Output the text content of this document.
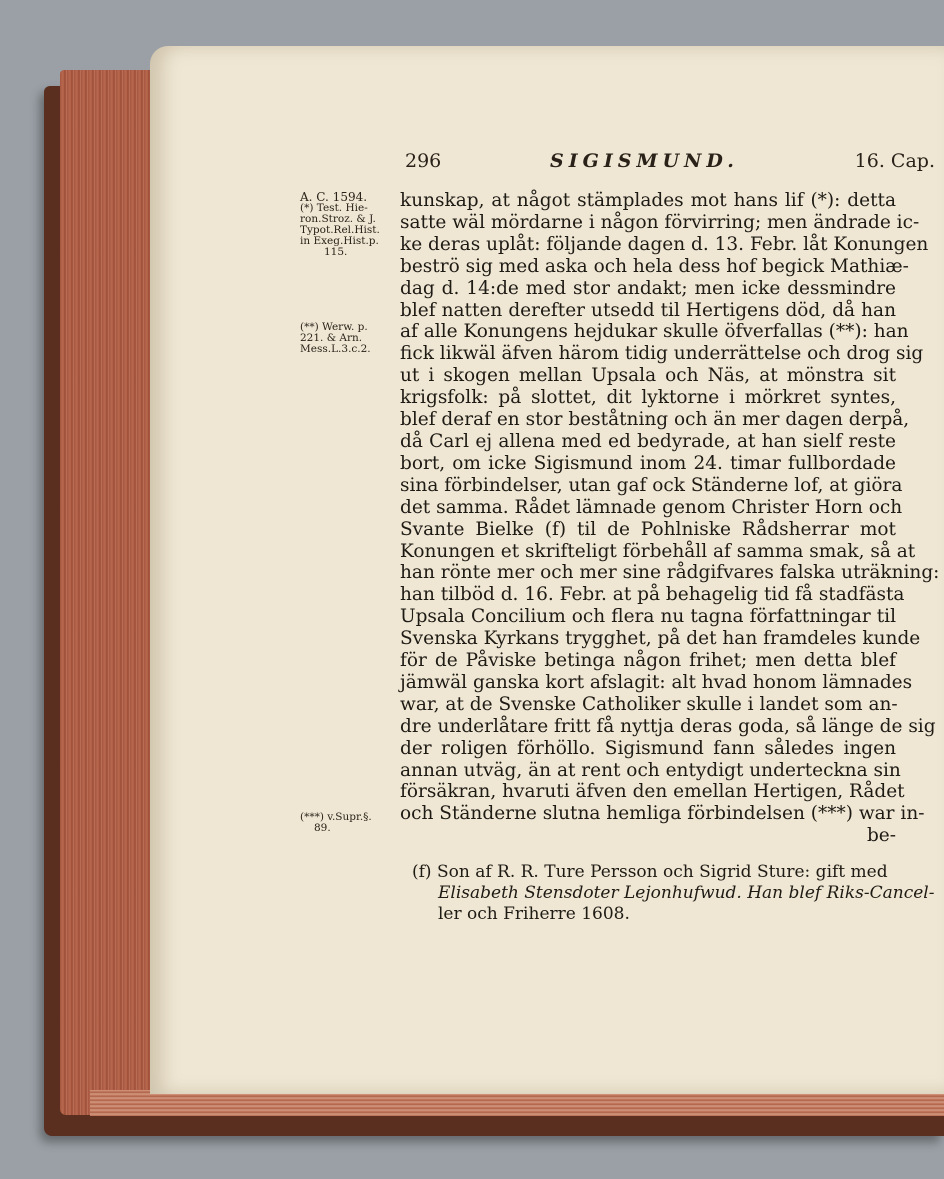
296	SIGISMUND.	16. Cap.
A. C. 1594.
(*) Test. Hie-
ron.Stroz. & J.
Typot.Rel.Hist.
in Exeg.Hist.p.
115.
(**) Werw. p.
221. & Arn.
Mess.L.3.c.2.
(***) v.Supr.§.
89.
kunskap, at något stämplades mot hans lif (*): detta
satte wäl mördarne i någon förvirring; men ändrade ic-
ke deras uplåt: följande dagen d. 13. Febr. låt Konungen
beströ sig med aska och hela dess hof begick Mathiæ-
dag d. 14:de med stor andakt; men icke dessmindre
blef natten derefter utsedd til Hertigens död, då han
af alle Konungens hejdukar skulle öfverfallas (**): han
fick likwäl äfven härom tidig underrättelse och drog sig
ut i skogen mellan Upsala och Näs, at mönstra sit
krigsfolk: på slottet, dit lyktorne i mörkret syntes,
blef deraf en stor beståtning och än mer dagen derpå,
då Carl ej allena med ed bedyrade, at han sielf reste
bort, om icke Sigismund inom 24. timar fullbordade
sina förbindelser, utan gaf ock Ständerne lof, at giöra
det samma. Rådet lämnade genom Christer Horn och
Svante Bielke (f) til de Pohlniske Rådsherrar mot
Konungen et skrifteligt förbehåll af samma smak, så at
han rönte mer och mer sine rådgifvares falska uträkning:
han tilböd d. 16. Febr. at på behagelig tid få stadfästa
Upsala Concilium och flera nu tagna författningar til
Svenska Kyrkans trygghet, på det han framdeles kunde
för de Påviske betinga någon frihet; men detta blef
jämwäl ganska kort afslagit: alt hvad honom lämnades
war, at de Svenske Catholiker skulle i landet som an-
dre underlåtare fritt få nyttja deras goda, så länge de sig
der roligen förhöllo. Sigismund fann således ingen
annan utväg, än at rent och entydigt underteckna sin
försäkran, hvaruti äfven den emellan Hertigen, Rådet
och Ständerne slutna hemliga förbindelsen (***) war in-
be-
(f) Son af R. R. Ture Persson och Sigrid Sture: gift med
Elisabeth Stensdoter Lejonhufwud. Han blef Riks-Cancel-
ler och Friherre 1608.
